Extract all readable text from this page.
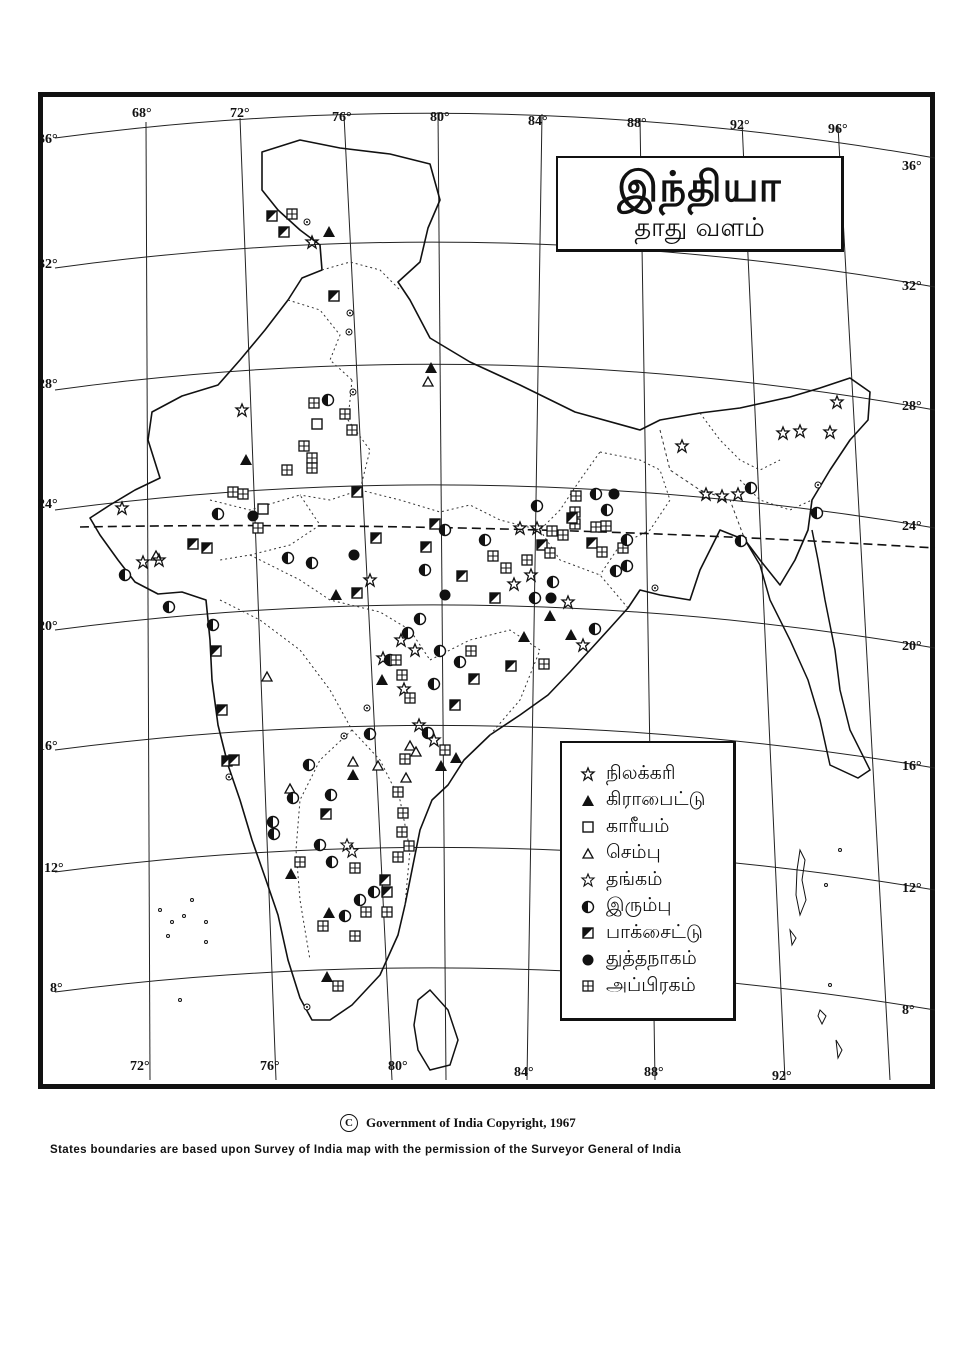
68°	72°	76°	80°	84°	88°	92°	96°
72°	76°	80°	84°	88°	92°
36°
32°
28°
24°
20°
16°
12°
8°
36°
32°
28°
24°
20°
16°
12°
8°
இந்தியா
தாது வளம்
நிலக்கரி
கிராபைட்டு
காரீயம்
செம்பு
தங்கம்
இரும்பு
பாக்சைட்டு
துத்தநாகம்
அப்பிரகம்
C	Government of India Copyright, 1967
States boundaries are based upon Survey of India map with the permission of the Surveyor General of India
